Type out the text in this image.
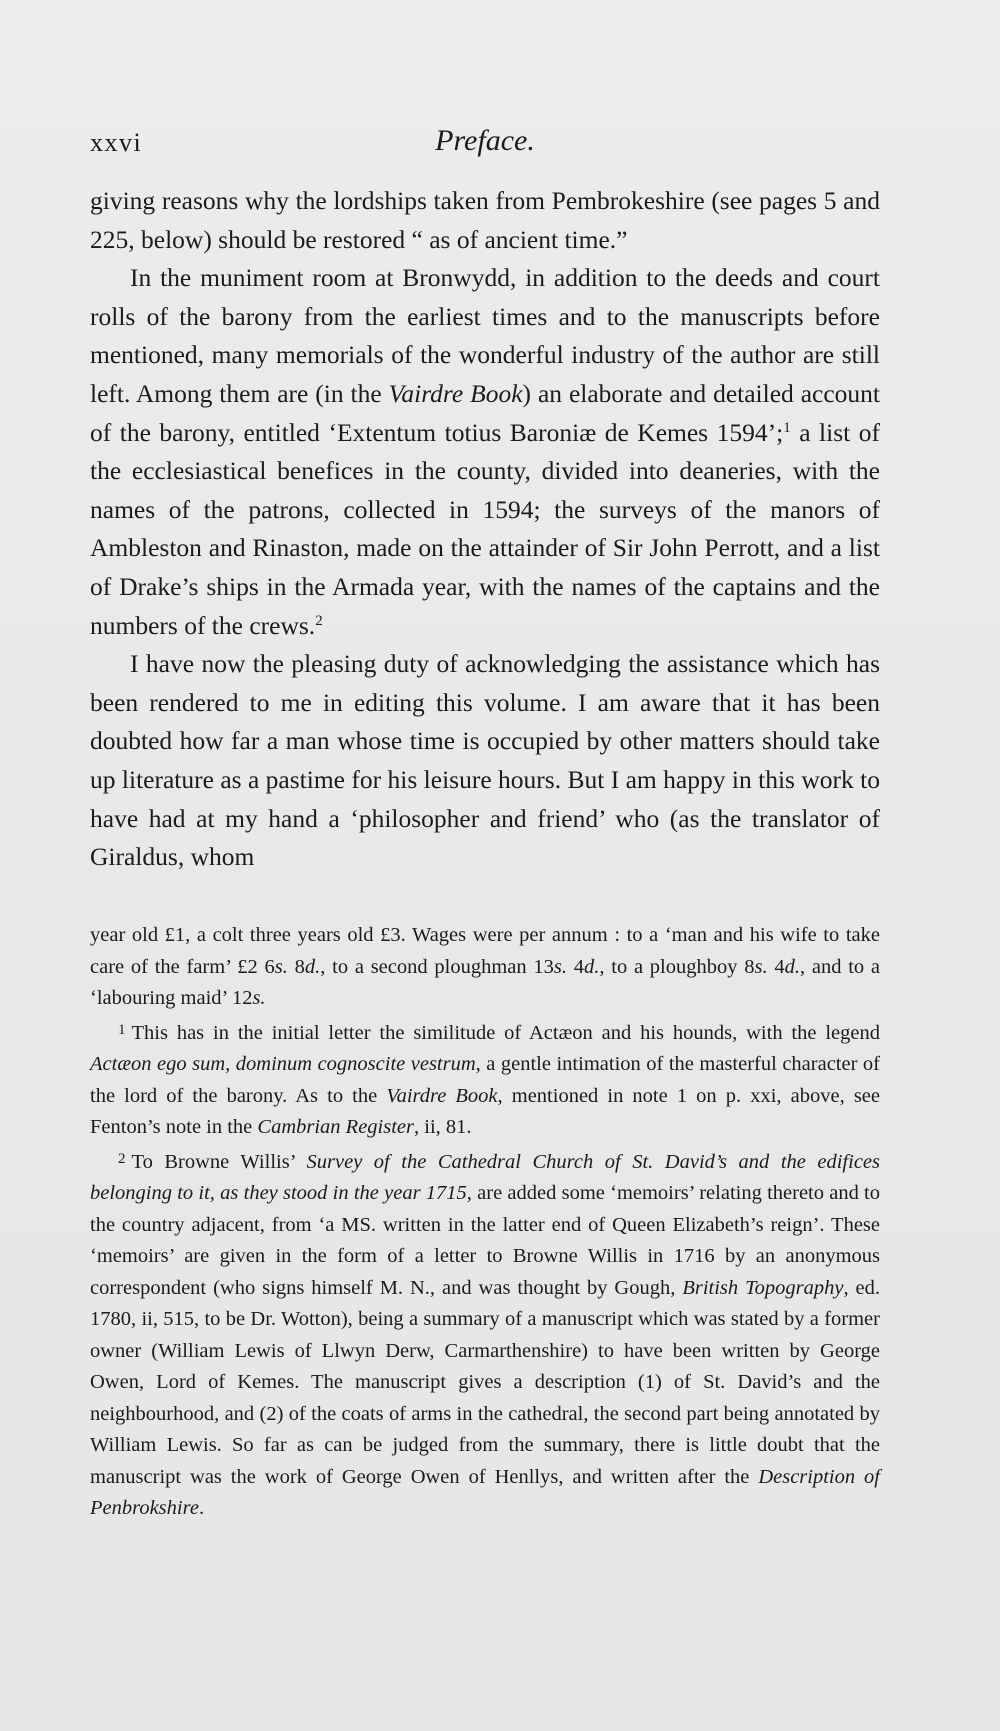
xxvi	Preface.

giving reasons why the lordships taken from Pembrokeshire (see pages 5 and 225, below) should be restored “ as of ancient time.”

In the muniment room at Bronwydd, in addition to the deeds and court rolls of the barony from the earliest times and to the manuscripts before mentioned, many memorials of the wonderful industry of the author are still left. Among them are (in the Vairdre Book) an elaborate and detailed account of the barony, entitled ‘Extentum totius Baroniæ de Kemes 1594’;$^1$ a list of the ecclesiastical benefices in the county, divided into deaneries, with the names of the patrons, collected in 1594; the surveys of the manors of Ambleston and Rinaston, made on the attainder of Sir John Perrott, and a list of Drake’s ships in the Armada year, with the names of the captains and the numbers of the crews.$^2$

I have now the pleasing duty of acknowledging the assistance which has been rendered to me in editing this volume. I am aware that it has been doubted how far a man whose time is occupied by other matters should take up literature as a pastime for his leisure hours. But I am happy in this work to have had at my hand a ‘philosopher and friend’ who (as the translator of Giraldus, whom

year old £1, a colt three years old £3. Wages were per annum : to a ‘man and his wife to take care of the farm’ £2 6s. 8d., to a second ploughman 13s. 4d., to a ploughboy 8s. 4d., and to a ‘labouring maid’ 12s.

$^1$ This has in the initial letter the similitude of Actæon and his hounds, with the legend Actæon ego sum, dominum cognoscite vestrum, a gentle intimation of the masterful character of the lord of the barony. As to the Vairdre Book, mentioned in note 1 on p. xxi, above, see Fenton’s note in the Cambrian Register, ii, 81.

$^2$ To Browne Willis’ Survey of the Cathedral Church of St. David’s and the edifices belonging to it, as they stood in the year 1715, are added some ‘memoirs’ relating thereto and to the country adjacent, from ‘a MS. written in the latter end of Queen Elizabeth’s reign’. These ‘memoirs’ are given in the form of a letter to Browne Willis in 1716 by an anonymous correspondent (who signs himself M. N., and was thought by Gough, British Topography, ed. 1780, ii, 515, to be Dr. Wotton), being a summary of a manuscript which was stated by a former owner (William Lewis of Llwyn Derw, Carmarthenshire) to have been written by George Owen, Lord of Kemes. The manuscript gives a description (1) of St. David’s and the neighbourhood, and (2) of the coats of arms in the cathedral, the second part being annotated by William Lewis. So far as can be judged from the summary, there is little doubt that the manuscript was the work of George Owen of Henllys, and written after the Description of Penbrokshire.
